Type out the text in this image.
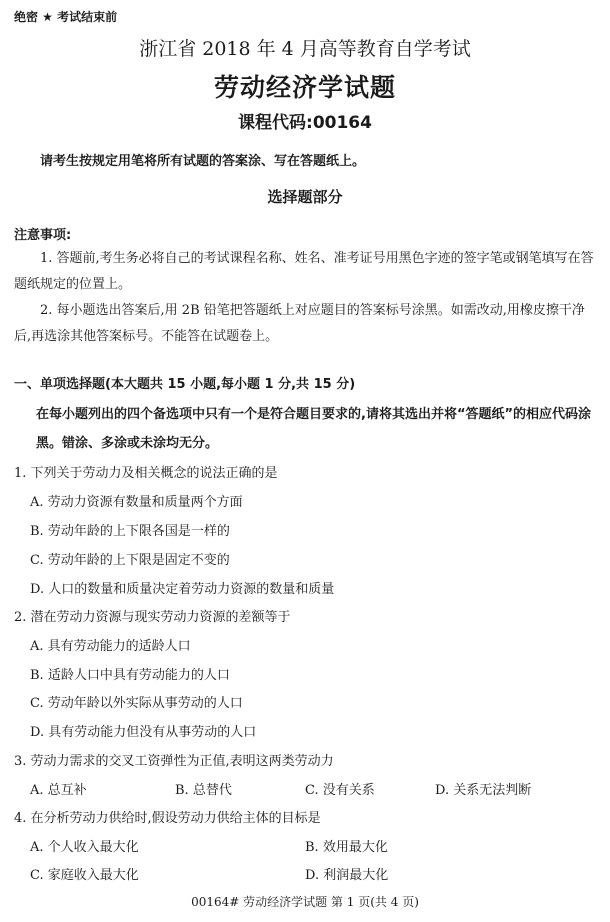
绝密 ★ 考试结束前
浙江省 2018 年 4 月高等教育自学考试
劳动经济学试题
课程代码:00164
请考生按规定用笔将所有试题的答案涂、写在答题纸上。
选择题部分
注意事项:
1. 答题前,考生务必将自己的考试课程名称、姓名、准考证号用黑色字迹的签字笔或钢笔填写在答题纸规定的位置上。
2. 每小题选出答案后,用 2B 铅笔把答题纸上对应题目的答案标号涂黑。如需改动,用橡皮擦干净后,再选涂其他答案标号。不能答在试题卷上。
一、单项选择题(本大题共 15 小题,每小题 1 分,共 15 分)
在每小题列出的四个备选项中只有一个是符合题目要求的,请将其选出并将“答题纸”的相应代码涂黑。错涂、多涂或未涂均无分。
1. 下列关于劳动力及相关概念的说法正确的是
A. 劳动力资源有数量和质量两个方面
B. 劳动年龄的上下限各国是一样的
C. 劳动年龄的上下限是固定不变的
D. 人口的数量和质量决定着劳动力资源的数量和质量
2. 潜在劳动力资源与现实劳动力资源的差额等于
A. 具有劳动能力的适龄人口
B. 适龄人口中具有劳动能力的人口
C. 劳动年龄以外实际从事劳动的人口
D. 具有劳动能力但没有从事劳动的人口
3. 劳动力需求的交叉工资弹性为正值,表明这两类劳动力
A. 总互补	B. 总替代	C. 没有关系	D. 关系无法判断
4. 在分析劳动力供给时,假设劳动力供给主体的目标是
A. 个人收入最大化	B. 效用最大化
C. 家庭收入最大化	D. 利润最大化
00164# 劳动经济学试题 第 1 页(共 4 页)
